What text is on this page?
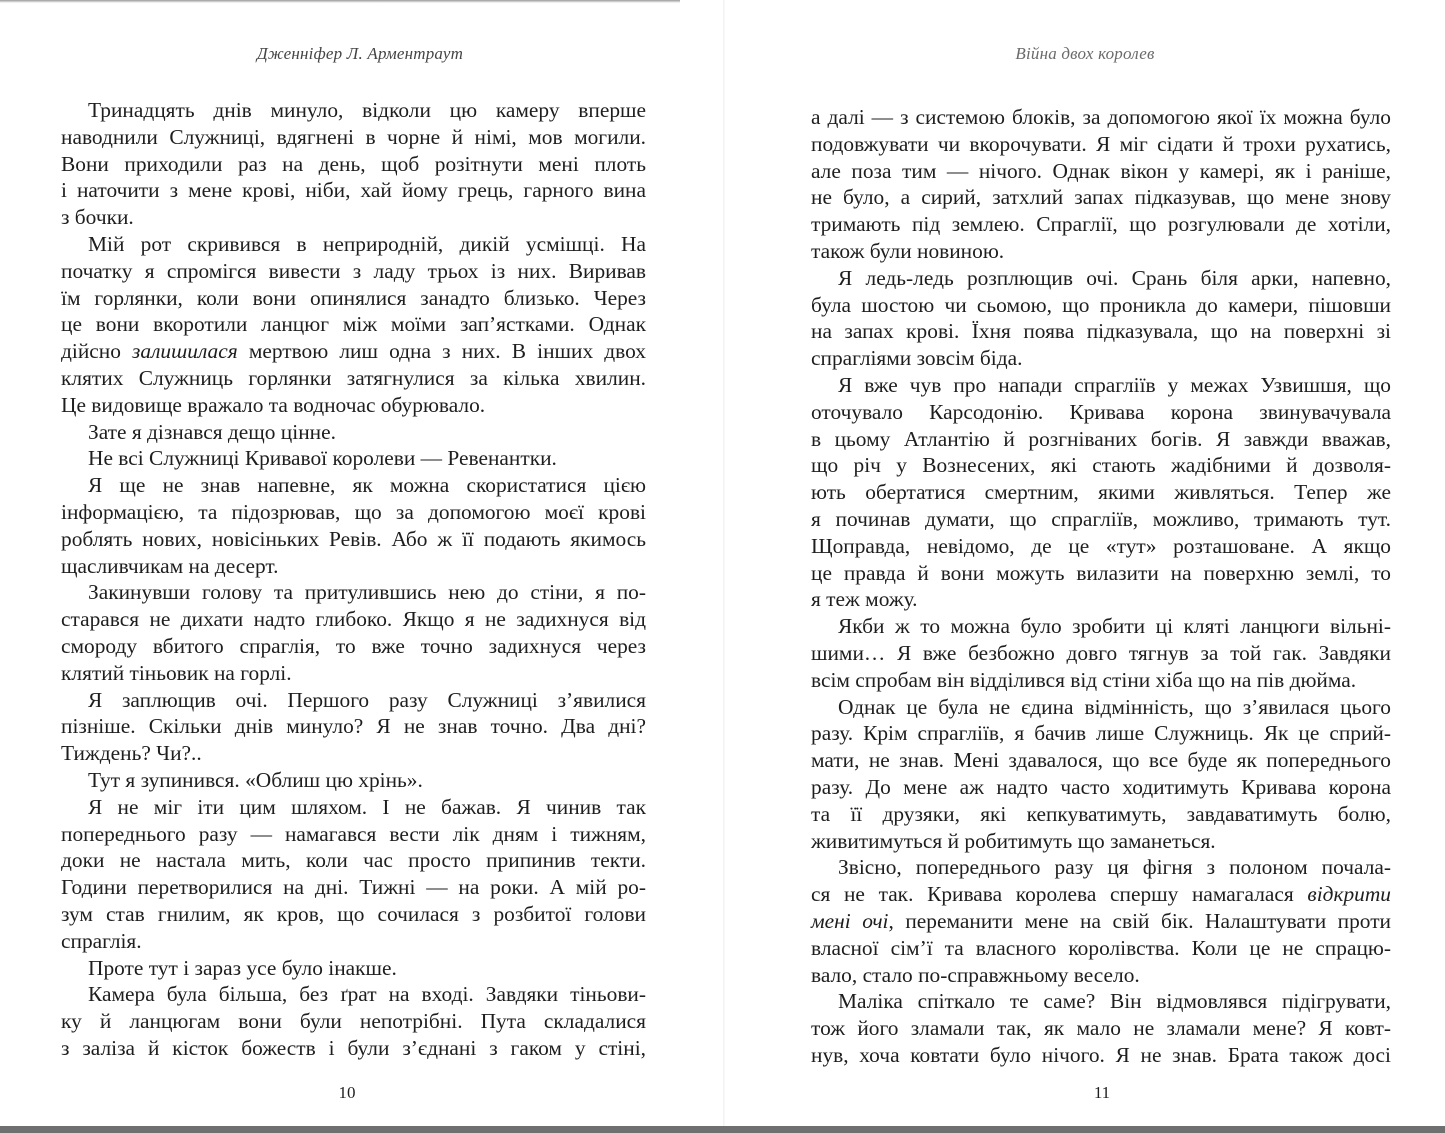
Дженніфер Л. Арментраут

Тринадцять днів минуло, відколи цю камеру вперше
наводнили Служниці, вдягнені в чорне й німі, мов могили.
Вони приходили раз на день, щоб розітнути мені плоть
і наточити з мене крові, ніби, хай йому грець, гарного вина
з бочки.

Мій рот скривився в неприродній, дикій усмішці. На
початку я спромігся вивести з ладу трьох із них. Виривав
їм горлянки, коли вони опинялися занадто близько. Через
це вони вкоротили ланцюг між моїми зап’ястками. Однак
дійсно залишилася мертвою лиш одна з них. В інших двох
клятих Служниць горлянки затягнулися за кілька хвилин.
Це видовище вражало та водночас обурювало.

Зате я дізнався дещо цінне.

Не всі Служниці Кривавої королеви — Ревенантки.

Я ще не знав напевне, як можна скористатися цією
інформацією, та підозрював, що за допомогою моєї крові
роблять нових, новісіньких Ревів. Або ж її подають якимось
щасливчикам на десерт.

Закинувши голову та притулившись нею до стіни, я по-
старався не дихати надто глибоко. Якщо я не задихнуся від
смороду вбитого спраглія, то вже точно задихнуся через
клятий тіньовик на горлі.

Я заплющив очі. Першого разу Служниці з’явилися
пізніше. Скільки днів минуло? Я не знав точно. Два дні?
Тиждень? Чи?..

Тут я зупинився. «Облиш цю хрінь».

Я не міг іти цим шляхом. І не бажав. Я чинив так
попереднього разу — намагався вести лік дням і тижням,
доки не настала мить, коли час просто припинив текти.
Години перетворилися на дні. Тижні — на роки. А мій ро-
зум став гнилим, як кров, що сочилася з розбитої голови
спраглія.

Проте тут і зараз усе було інакше.

Камера була більша, без ґрат на вході. Завдяки тіньови-
ку й ланцюгам вони були непотрібні. Пута складалися
з заліза й кісток божеств і були з’єднані з гаком у стіні,

10
Війна двох королев

а далі — з системою блоків, за допомогою якої їх можна було
подовжувати чи вкорочувати. Я міг сідати й трохи рухатись,
але поза тим — нічого. Однак вікон у камері, як і раніше,
не було, а сирий, затхлий запах підказував, що мене знову
тримають під землею. Спраглії, що розгулювали де хотіли,
також були новиною.

Я ледь-ледь розплющив очі. Срань біля арки, напевно,
була шостою чи сьомою, що проникла до камери, пішовши
на запах крові. Їхня поява підказувала, що на поверхні зі
спрагліями зовсім біда.

Я вже чув про напади спрагліїв у межах Узвишшя, що
оточувало Карсодонію. Кривава корона звинувачувала
в цьому Атлантію й розгніваних богів. Я завжди вважав,
що річ у Вознесених, які стають жадібними й дозволя-
ють обертатися смертним, якими живляться. Тепер же
я починав думати, що спрагліїв, можливо, тримають тут.
Щоправда, невідомо, де це «тут» розташоване. А якщо
це правда й вони можуть вилазити на поверхню землі, то
я теж можу.

Якби ж то можна було зробити ці кляті ланцюги вільні-
шими… Я вже безбожно довго тягнув за той гак. Завдяки
всім спробам він відділився від стіни хіба що на пів дюйма.

Однак це була не єдина відмінність, що з’явилася цього
разу. Крім спрагліїв, я бачив лише Служниць. Як це сприй-
мати, не знав. Мені здавалося, що все буде як попереднього
разу. До мене аж надто часто ходитимуть Кривава корона
та її друзяки, які кепкуватимуть, завдаватимуть болю,
живитимуться й робитимуть що заманеться.

Звісно, попереднього разу ця фігня з полоном почала-
ся не так. Кривава королева спершу намагалася відкрити
мені очі, переманити мене на свій бік. Налаштувати проти
власної сім’ї та власного королівства. Коли це не спрацю-
вало, стало по-справжньому весело.

Маліка спіткало те саме? Він відмовлявся підігрувати,
тож його зламали так, як мало не зламали мене? Я ковт-
нув, хоча ковтати було нічого. Я не знав. Брата також досі

11
